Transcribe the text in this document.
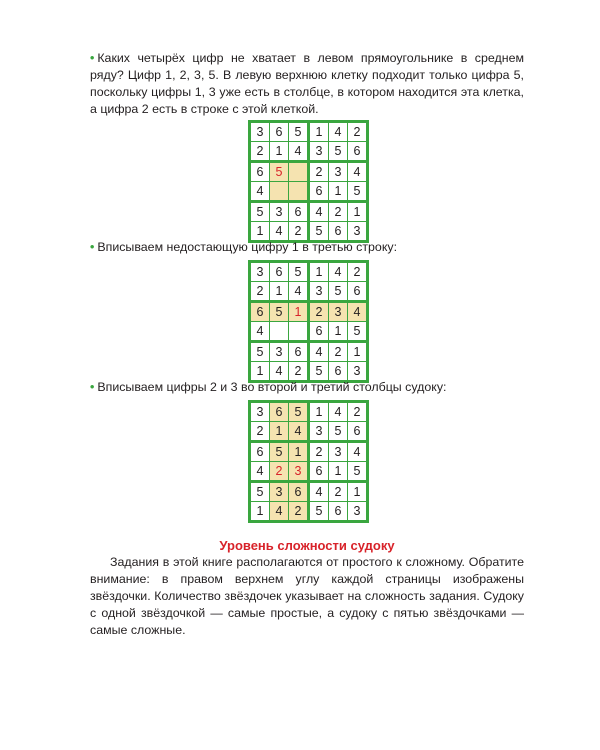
• Каких четырёх цифр не хватает в левом прямоугольнике в среднем ряду? Цифр 1, 2, 3, 5. В левую верхнюю клетку подходит только цифра 5, поскольку цифры 1, 3 уже есть в столбце, в котором находится эта клетка, а цифра 2 есть в строке с этой клеткой.

3	6	5	1	4	2
2	1	4	3	5	6
6	5		2	3	4
4			6	1	5
5	3	6	4	2	1
1	4	2	5	6	3

• Вписываем недостающую цифру 1 в третью строку:

3	6	5	1	4	2
2	1	4	3	5	6
6	5	1	2	3	4
4			6	1	5
5	3	6	4	2	1
1	4	2	5	6	3

• Вписываем цифры 2 и 3 во второй и третий столбцы судоку:

3	6	5	1	4	2
2	1	4	3	5	6
6	5	1	2	3	4
4	2	3	6	1	5
5	3	6	4	2	1
1	4	2	5	6	3

Уровень сложности судоку

Задания в этой книге располагаются от простого к сложному. Обратите внимание: в правом верхнем углу каждой страницы изображены звёздочки. Количество звёздочек указывает на сложность задания. Судоку с одной звёздочкой — самые простые, а судоку с пятью звёздочками — самые сложные.
